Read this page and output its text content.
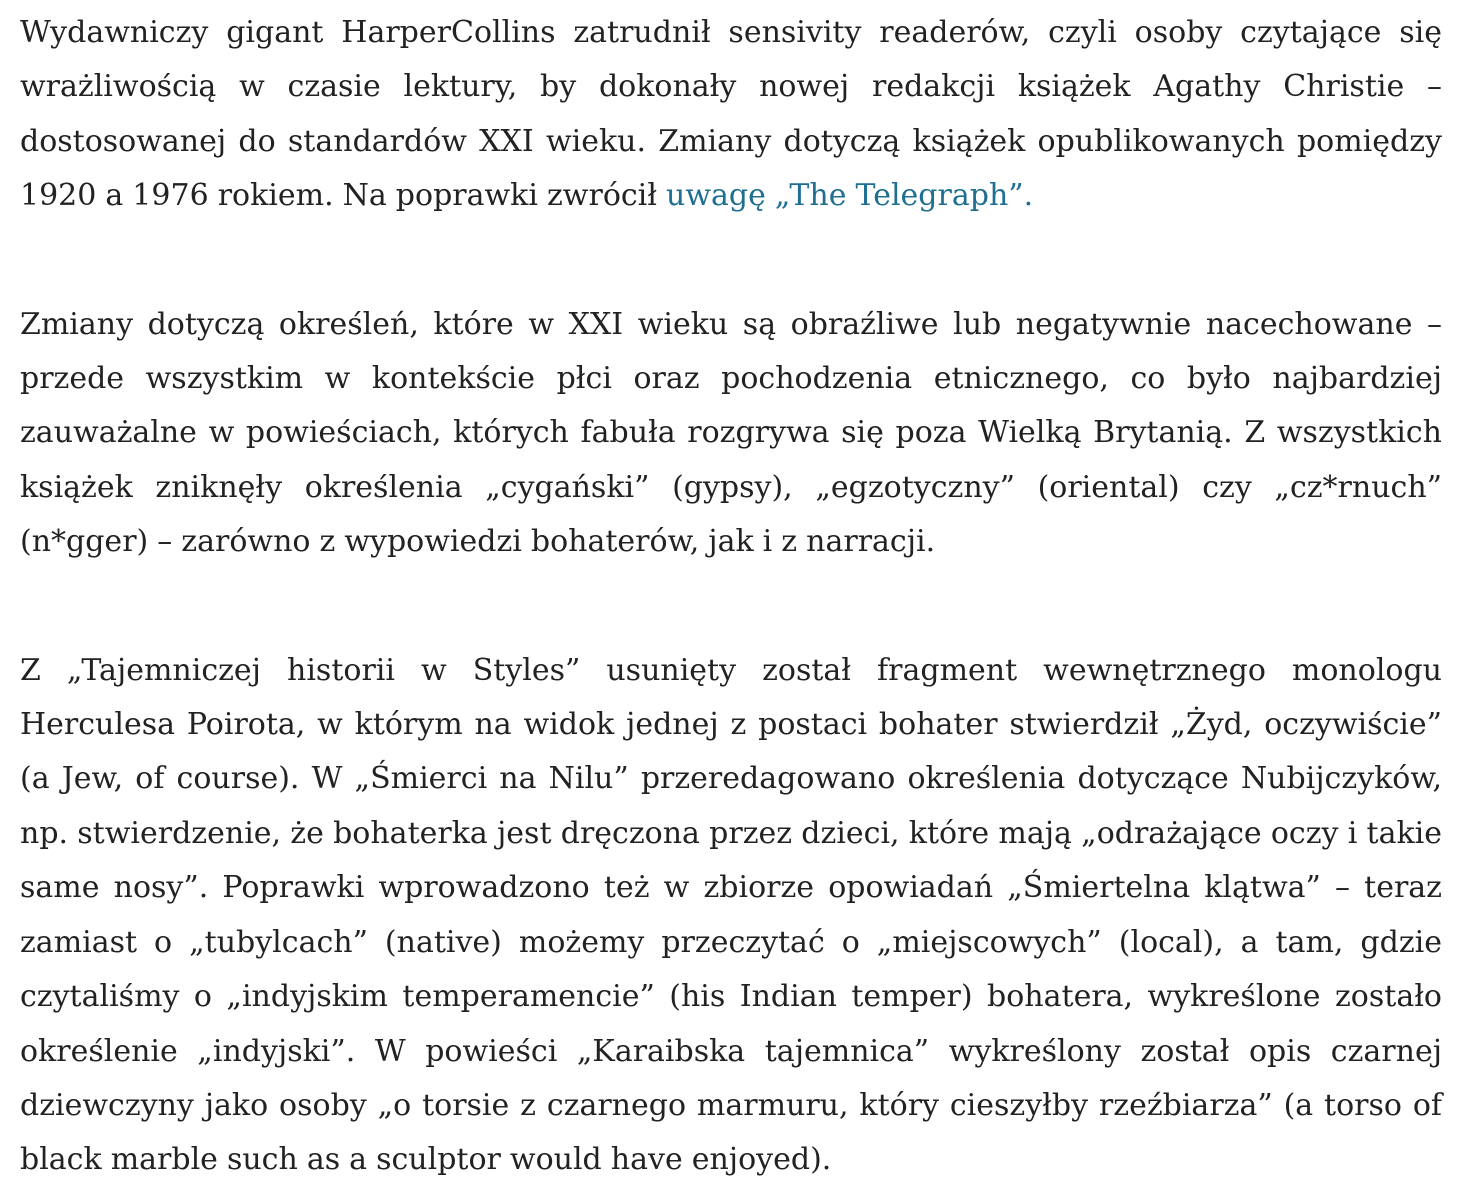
Wydawniczy gigant HarperCollins zatrudnił sensivity readerów, czyli osoby czytające się wrażliwością w czasie lektury, by dokonały nowej redakcji książek Agathy Christie – dostosowanej do standardów XXI wieku. Zmiany dotyczą książek opublikowanych pomiędzy 1920 a 1976 rokiem. Na poprawki zwrócił uwagę „The Telegraph”.

Zmiany dotyczą określeń, które w XXI wieku są obraźliwe lub negatywnie nacechowane – przede wszystkim w kontekście płci oraz pochodzenia etnicznego, co było najbardziej zauważalne w powieściach, których fabuła rozgrywa się poza Wielką Brytanią. Z wszystkich książek zniknęły określenia „cygański” (gypsy), „egzotyczny” (oriental) czy „cz*rnuch” (n*gger) – zarówno z wypowiedzi bohaterów, jak i z narracji.

Z „Tajemniczej historii w Styles” usunięty został fragment wewnętrznego monologu Herculesa Poirota, w którym na widok jednej z postaci bohater stwierdził „Żyd, oczywiście” (a Jew, of course). W „Śmierci na Nilu” przeredagowano określenia dotyczące Nubijczyków, np. stwierdzenie, że bohaterka jest dręczona przez dzieci, które mają „odrażające oczy i takie same nosy”. Poprawki wprowadzono też w zbiorze opowiadań „Śmiertelna klątwa” – teraz zamiast o „tubylcach” (native) możemy przeczytać o „miejscowych” (local), a tam, gdzie czytaliśmy o „indyjskim temperamencie” (his Indian temper) bohatera, wykreślone zostało określenie „indyjski”. W powieści „Karaibska tajemnica” wykreślony został opis czarnej dziewczyny jako osoby „o torsie z czarnego marmuru, który cieszyłby rzeźbiarza” (a torso of black marble such as a sculptor would have enjoyed).
